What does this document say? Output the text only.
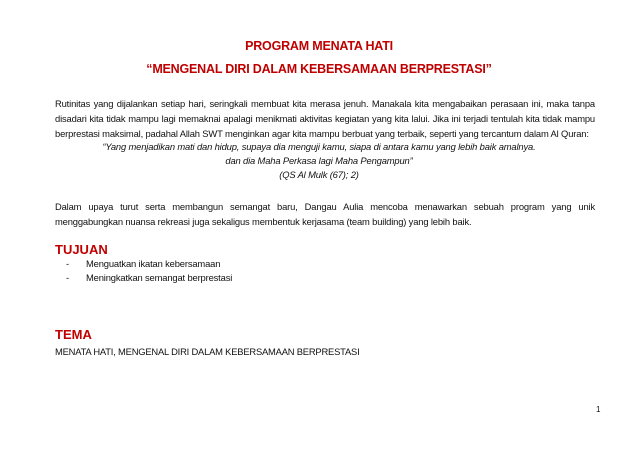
PROGRAM MENATA HATI
“MENGENAL DIRI DALAM KEBERSAMAAN BERPRESTASI”
Rutinitas yang dijalankan setiap hari, seringkali membuat kita merasa jenuh. Manakala kita mengabaikan perasaan ini, maka tanpa disadari kita tidak mampu lagi memaknai apalagi menikmati aktivitas kegiatan yang kita lalui. Jika ini terjadi tentulah kita tidak mampu berprestasi maksimal, padahal Allah SWT menginkan agar kita mampu berbuat yang terbaik, seperti yang tercantum dalam Al Quran:
“Yang menjadikan mati dan hidup, supaya dia menguji kamu, siapa di antara kamu yang lebih baik amalnya.
dan dia Maha Perkasa lagi Maha Pengampun”
(QS Al Mulk (67); 2)
Dalam upaya turut serta membangun semangat baru, Dangau Aulia mencoba menawarkan sebuah program yang unik menggabungkan nuansa rekreasi juga sekaligus membentuk kerjasama (team building) yang lebih baik.
TUJUAN
- Menguatkan ikatan kebersamaan
- Meningkatkan semangat berprestasi
TEMA
MENATA HATI, MENGENAL DIRI DALAM KEBERSAMAAN BERPRESTASI
1
